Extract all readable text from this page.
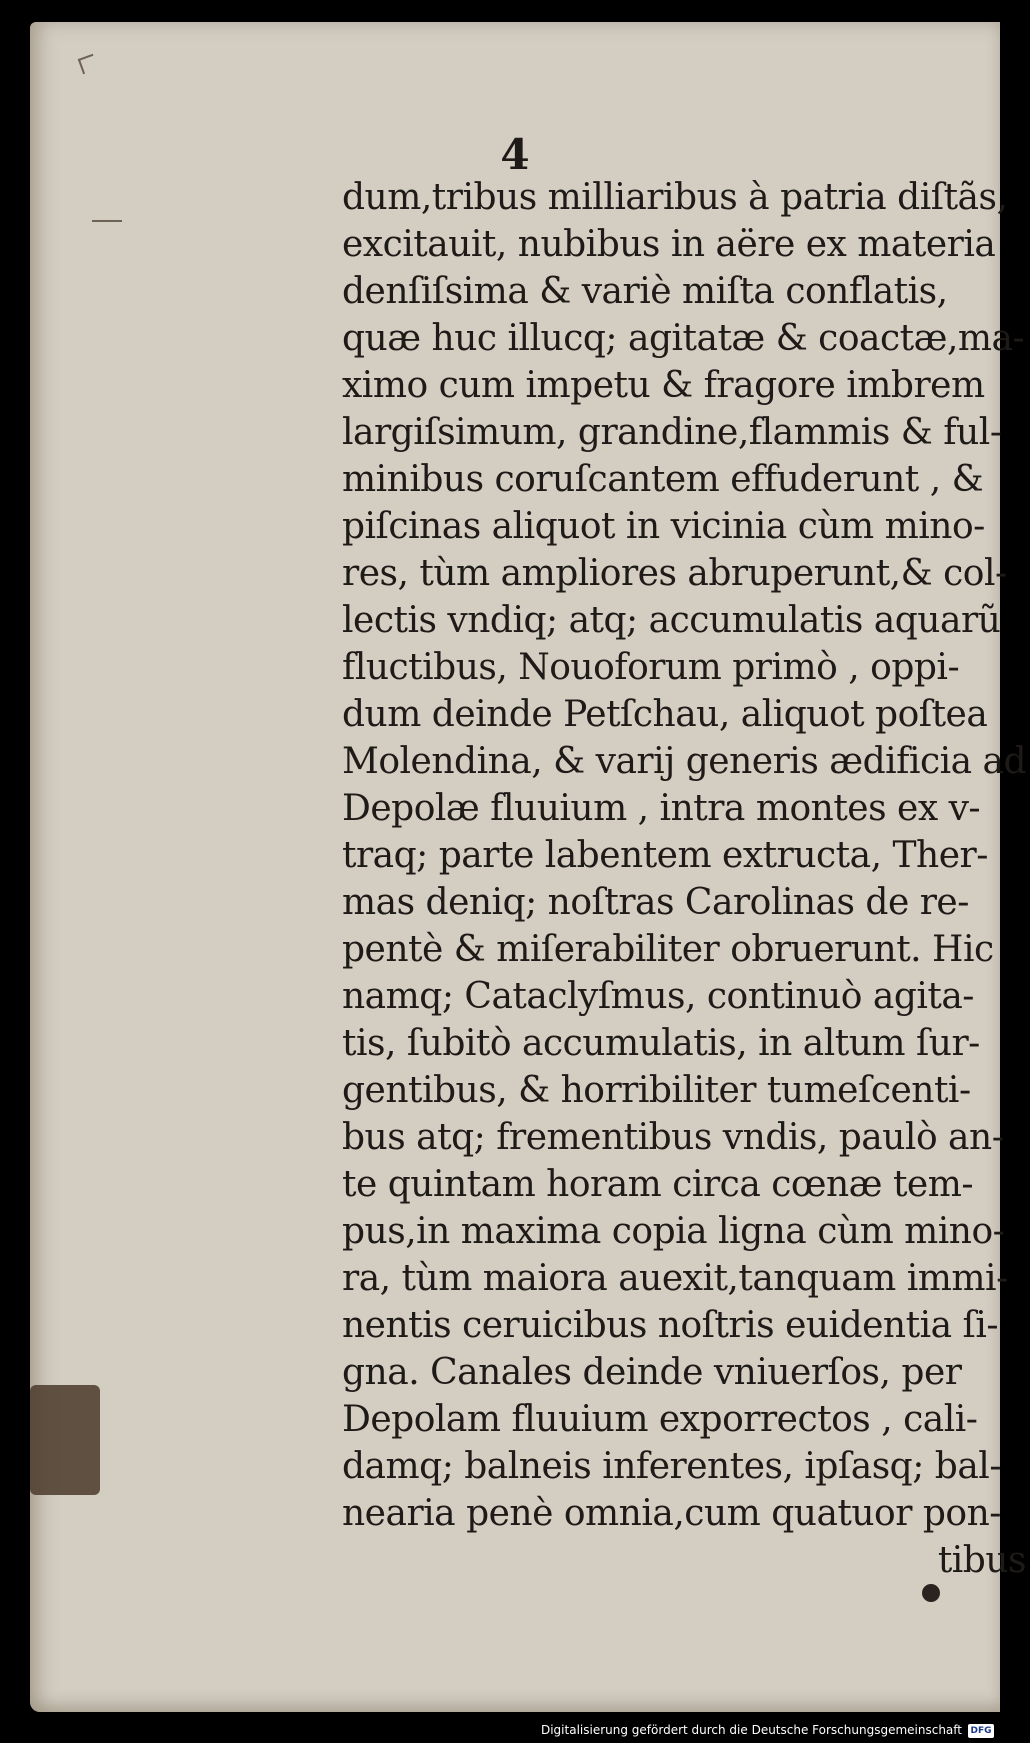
4
dum,tribus milliaribus à patria diſtãs,
excitauit, nubibus in aëre ex materia
denſiſsima & variè miſta conflatis,
quæ huc illucq; agitatæ & coactæ,ma-
ximo cum impetu & fragore imbrem
largiſsimum, grandine,flammis & ful-
minibus coruſcantem effuderunt , &
piſcinas aliquot in vicinia cùm mino-
res, tùm ampliores abruperunt,& col-
lectis vndiq; atq; accumulatis aquarũ
fluctibus, Nouoforum primò , oppi-
dum deinde Petſchau, aliquot poſtea
Molendina, & varij generis ædificia ad
Depolæ fluuium , intra montes ex v-
traq; parte labentem extructa, Ther-
mas deniq; noſtras Carolinas de re-
pentè & miſerabiliter obruerunt. Hic
namq; Cataclyſmus, continuò agita-
tis, ſubitò accumulatis, in altum ſur-
gentibus, & horribiliter tumeſcenti-
bus atq; frementibus vndis, paulò an-
te quintam horam circa cœnæ tem-
pus,in maxima copia ligna cùm mino-
ra, tùm maiora auexit,tanquam immi-
nentis ceruicibus noſtris euidentia ſi-
gna. Canales deinde vniuerſos, per
Depolam fluuium exporrectos , cali-
damq; balneis inferentes, ipſasq; bal-
nearia penè omnia,cum quatuor pon-
tibus
Digitalisierung gefördert durch die Deutsche Forschungsgemeinschaft DFG
